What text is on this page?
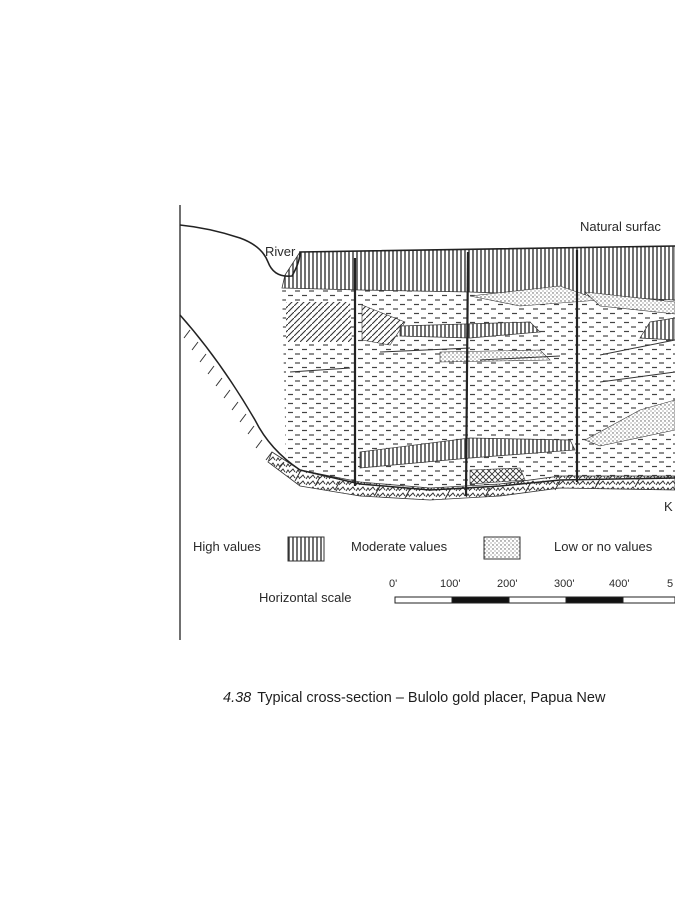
River
Natural surfac
K
High values	Moderate values	Low or no values
Horizontal scale
0'	100'	200'	300'	400'	5
4.38 Typical cross-section – Bulolo gold placer, Papua New
